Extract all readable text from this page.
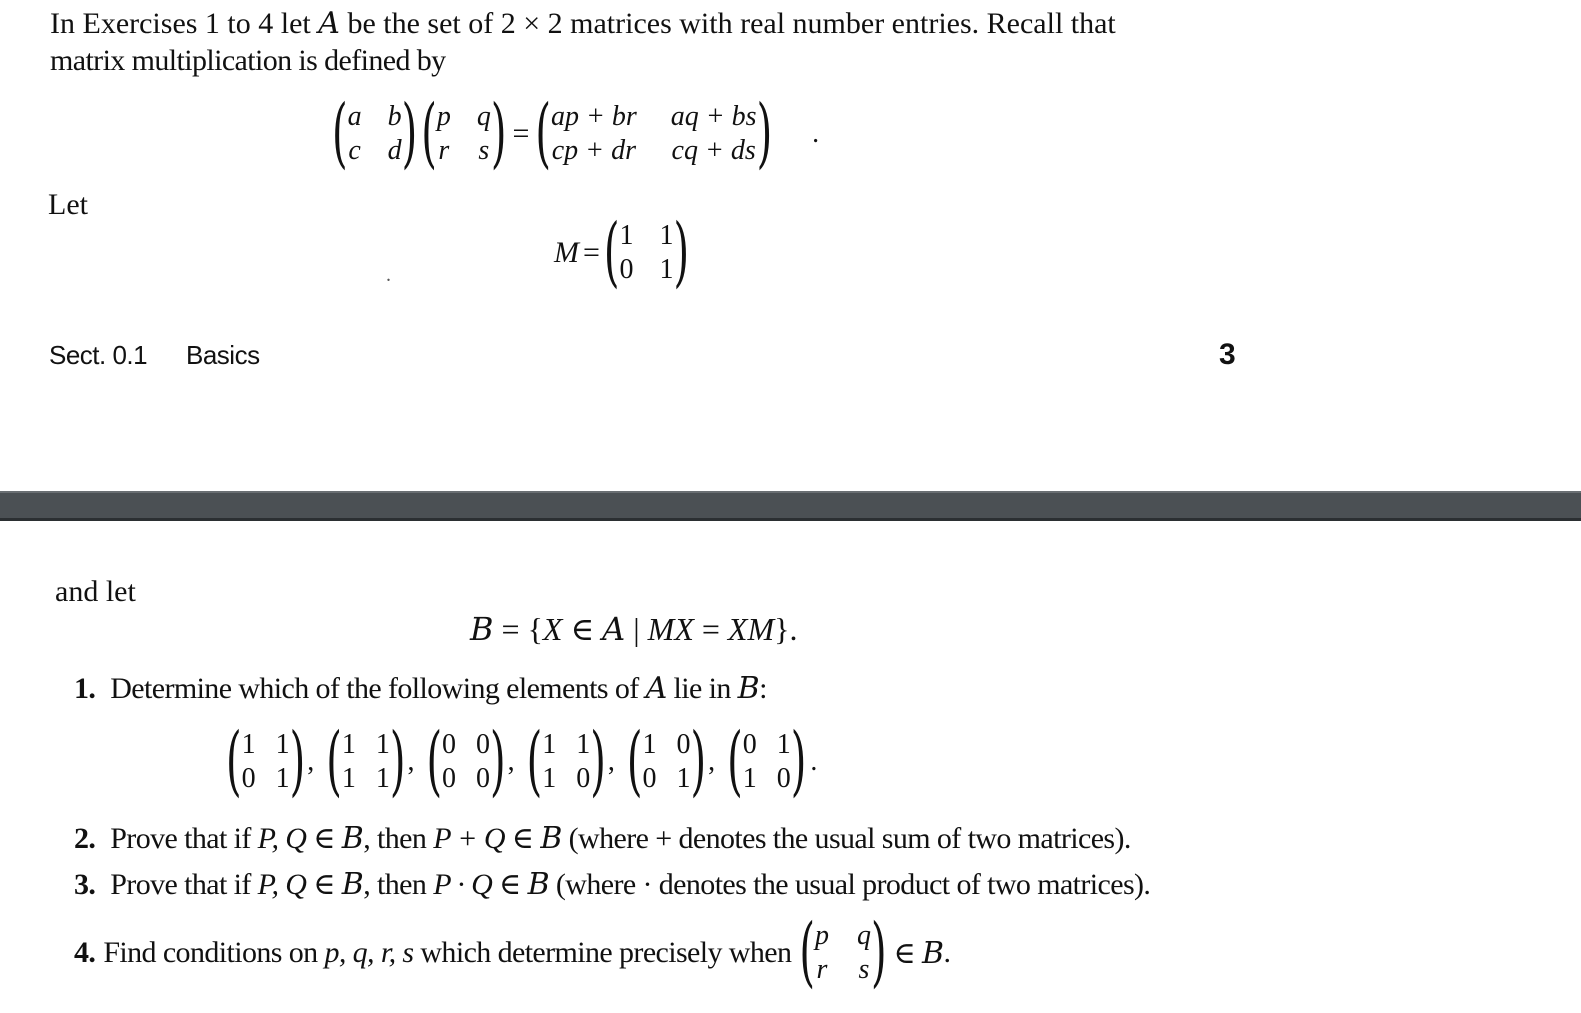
In Exercises 1 to 4 let A be the set of 2 × 2 matrices with real number entries. Recall that
matrix multiplication is defined by
( a b
c d ) ( p q
r s ) = ( ap + br aq + bs
cp + dr cq + ds ) .
Let
M = ( 1 1
0 1 )
.
Sect. 0.1 Basics	3
and let
B = {X ∈ A | MX = XM}.
1. Determine which of the following elements of A lie in B:
( 1 1
0 1 ) , ( 1 1
1 1 ) , ( 0 0
0 0 ) , ( 1 1
1 0 ) , ( 1 0
0 1 ) , ( 0 1
1 0 ) .
2. Prove that if P, Q ∈ B, then P + Q ∈ B (where + denotes the usual sum of two matrices).
3. Prove that if P, Q ∈ B, then P · Q ∈ B (where · denotes the usual product of two matrices).
4. Find conditions on p, q, r, s which determine precisely when ( p q
r s ) ∈ B .
